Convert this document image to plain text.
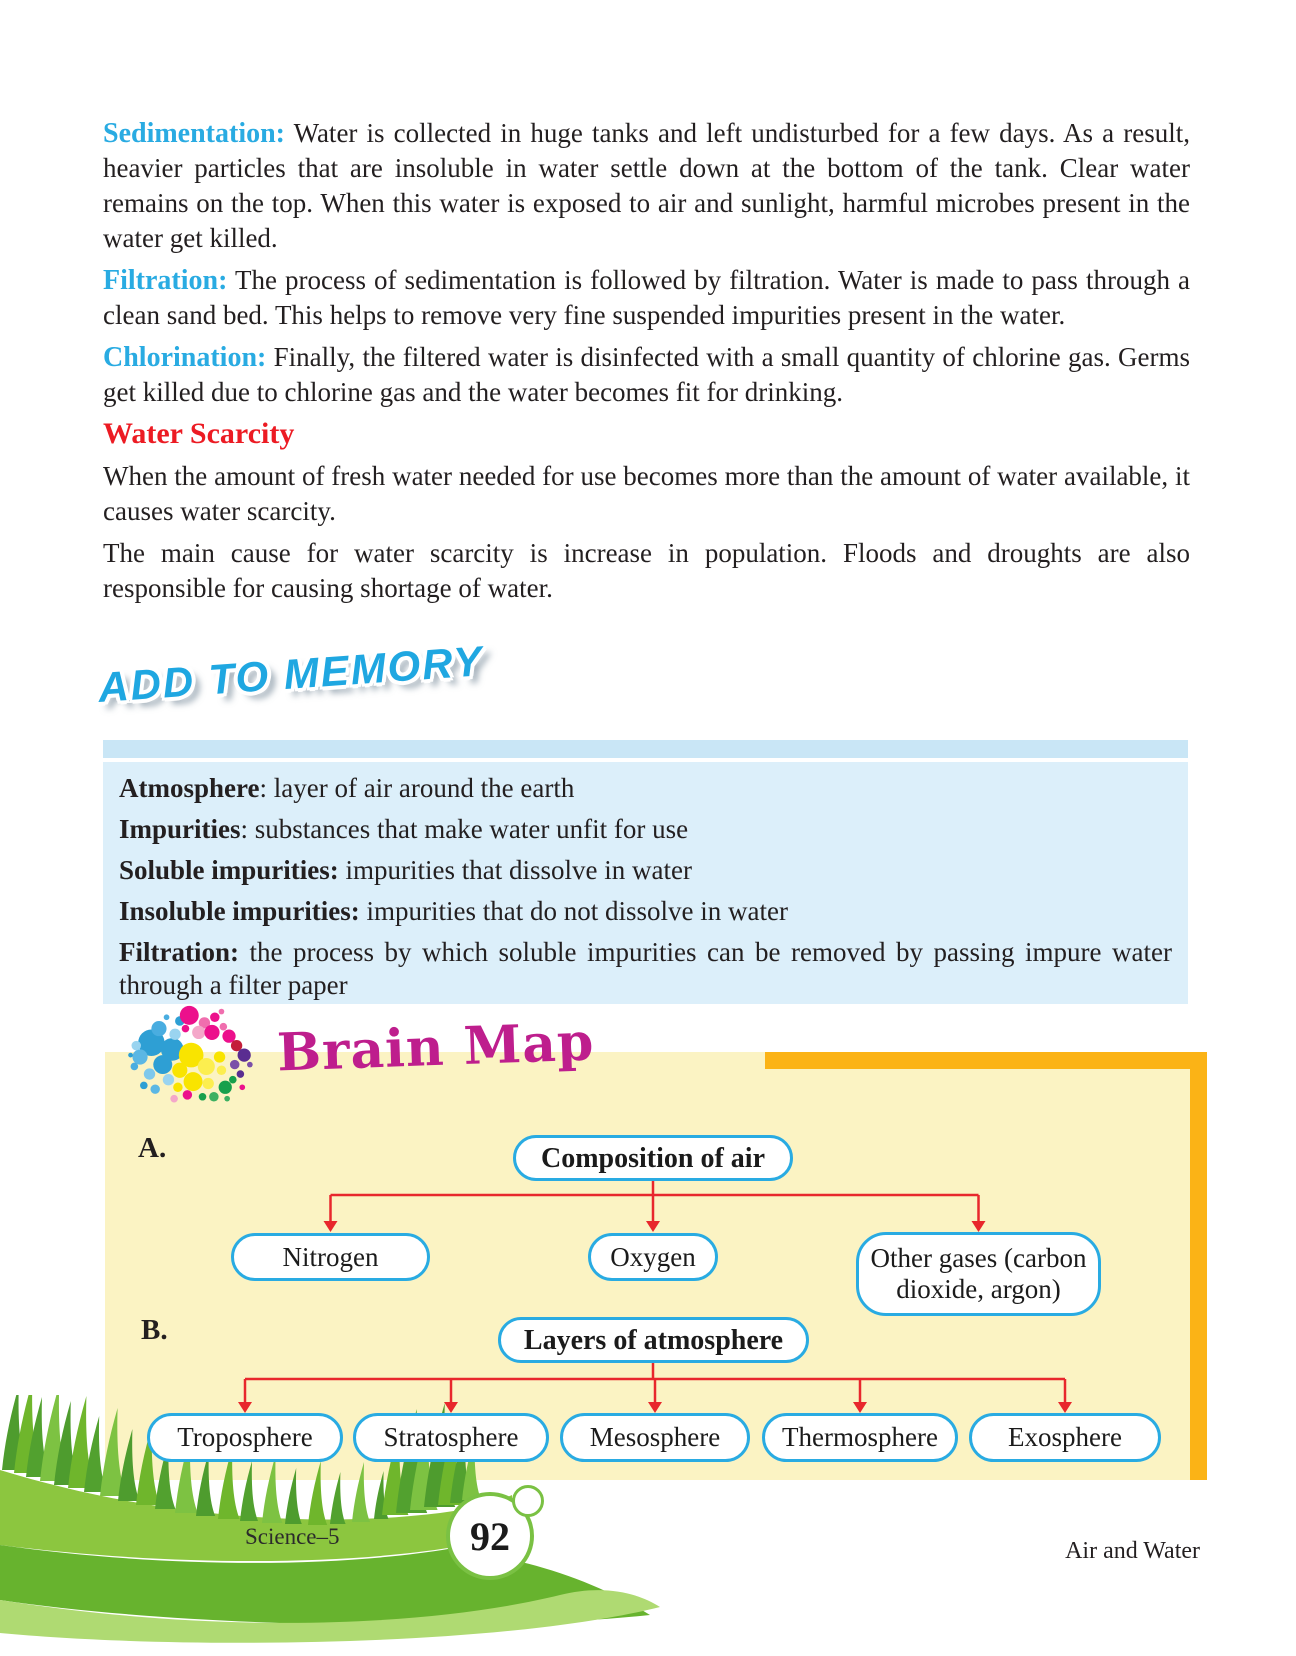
Sedimentation: Water is collected in huge tanks and left undisturbed for a few days. As a result, heavier particles that are insoluble in water settle down at the bottom of the tank. Clear water remains on the top. When this water is exposed to air and sunlight, harmful microbes present in the water get killed.

Filtration: The process of sedimentation is followed by filtration. Water is made to pass through a clean sand bed. This helps to remove very fine suspended impurities present in the water.

Chlorination: Finally, the filtered water is disinfected with a small quantity of chlorine gas. Germs get killed due to chlorine gas and the water becomes fit for drinking.

Water Scarcity

When the amount of fresh water needed for use becomes more than the amount of water available, it causes water scarcity.

The main cause for water scarcity is increase in population. Floods and droughts are also responsible for causing shortage of water.

ADD TO MEMORY

Atmosphere: layer of air around the earth

Impurities: substances that make water unfit for use

Soluble impurities: impurities that dissolve in water

Insoluble impurities: impurities that do not dissolve in water

Filtration: the process by which soluble impurities can be removed by passing impure water through a filter paper

Brain Map
A.	Composition of air
Nitrogen	Oxygen	Other gases (carbon dioxide, argon)
B.	Layers of atmosphere
Troposphere	Stratosphere	Mesosphere	Thermosphere	Exosphere
Science–5	92	Air and Water
